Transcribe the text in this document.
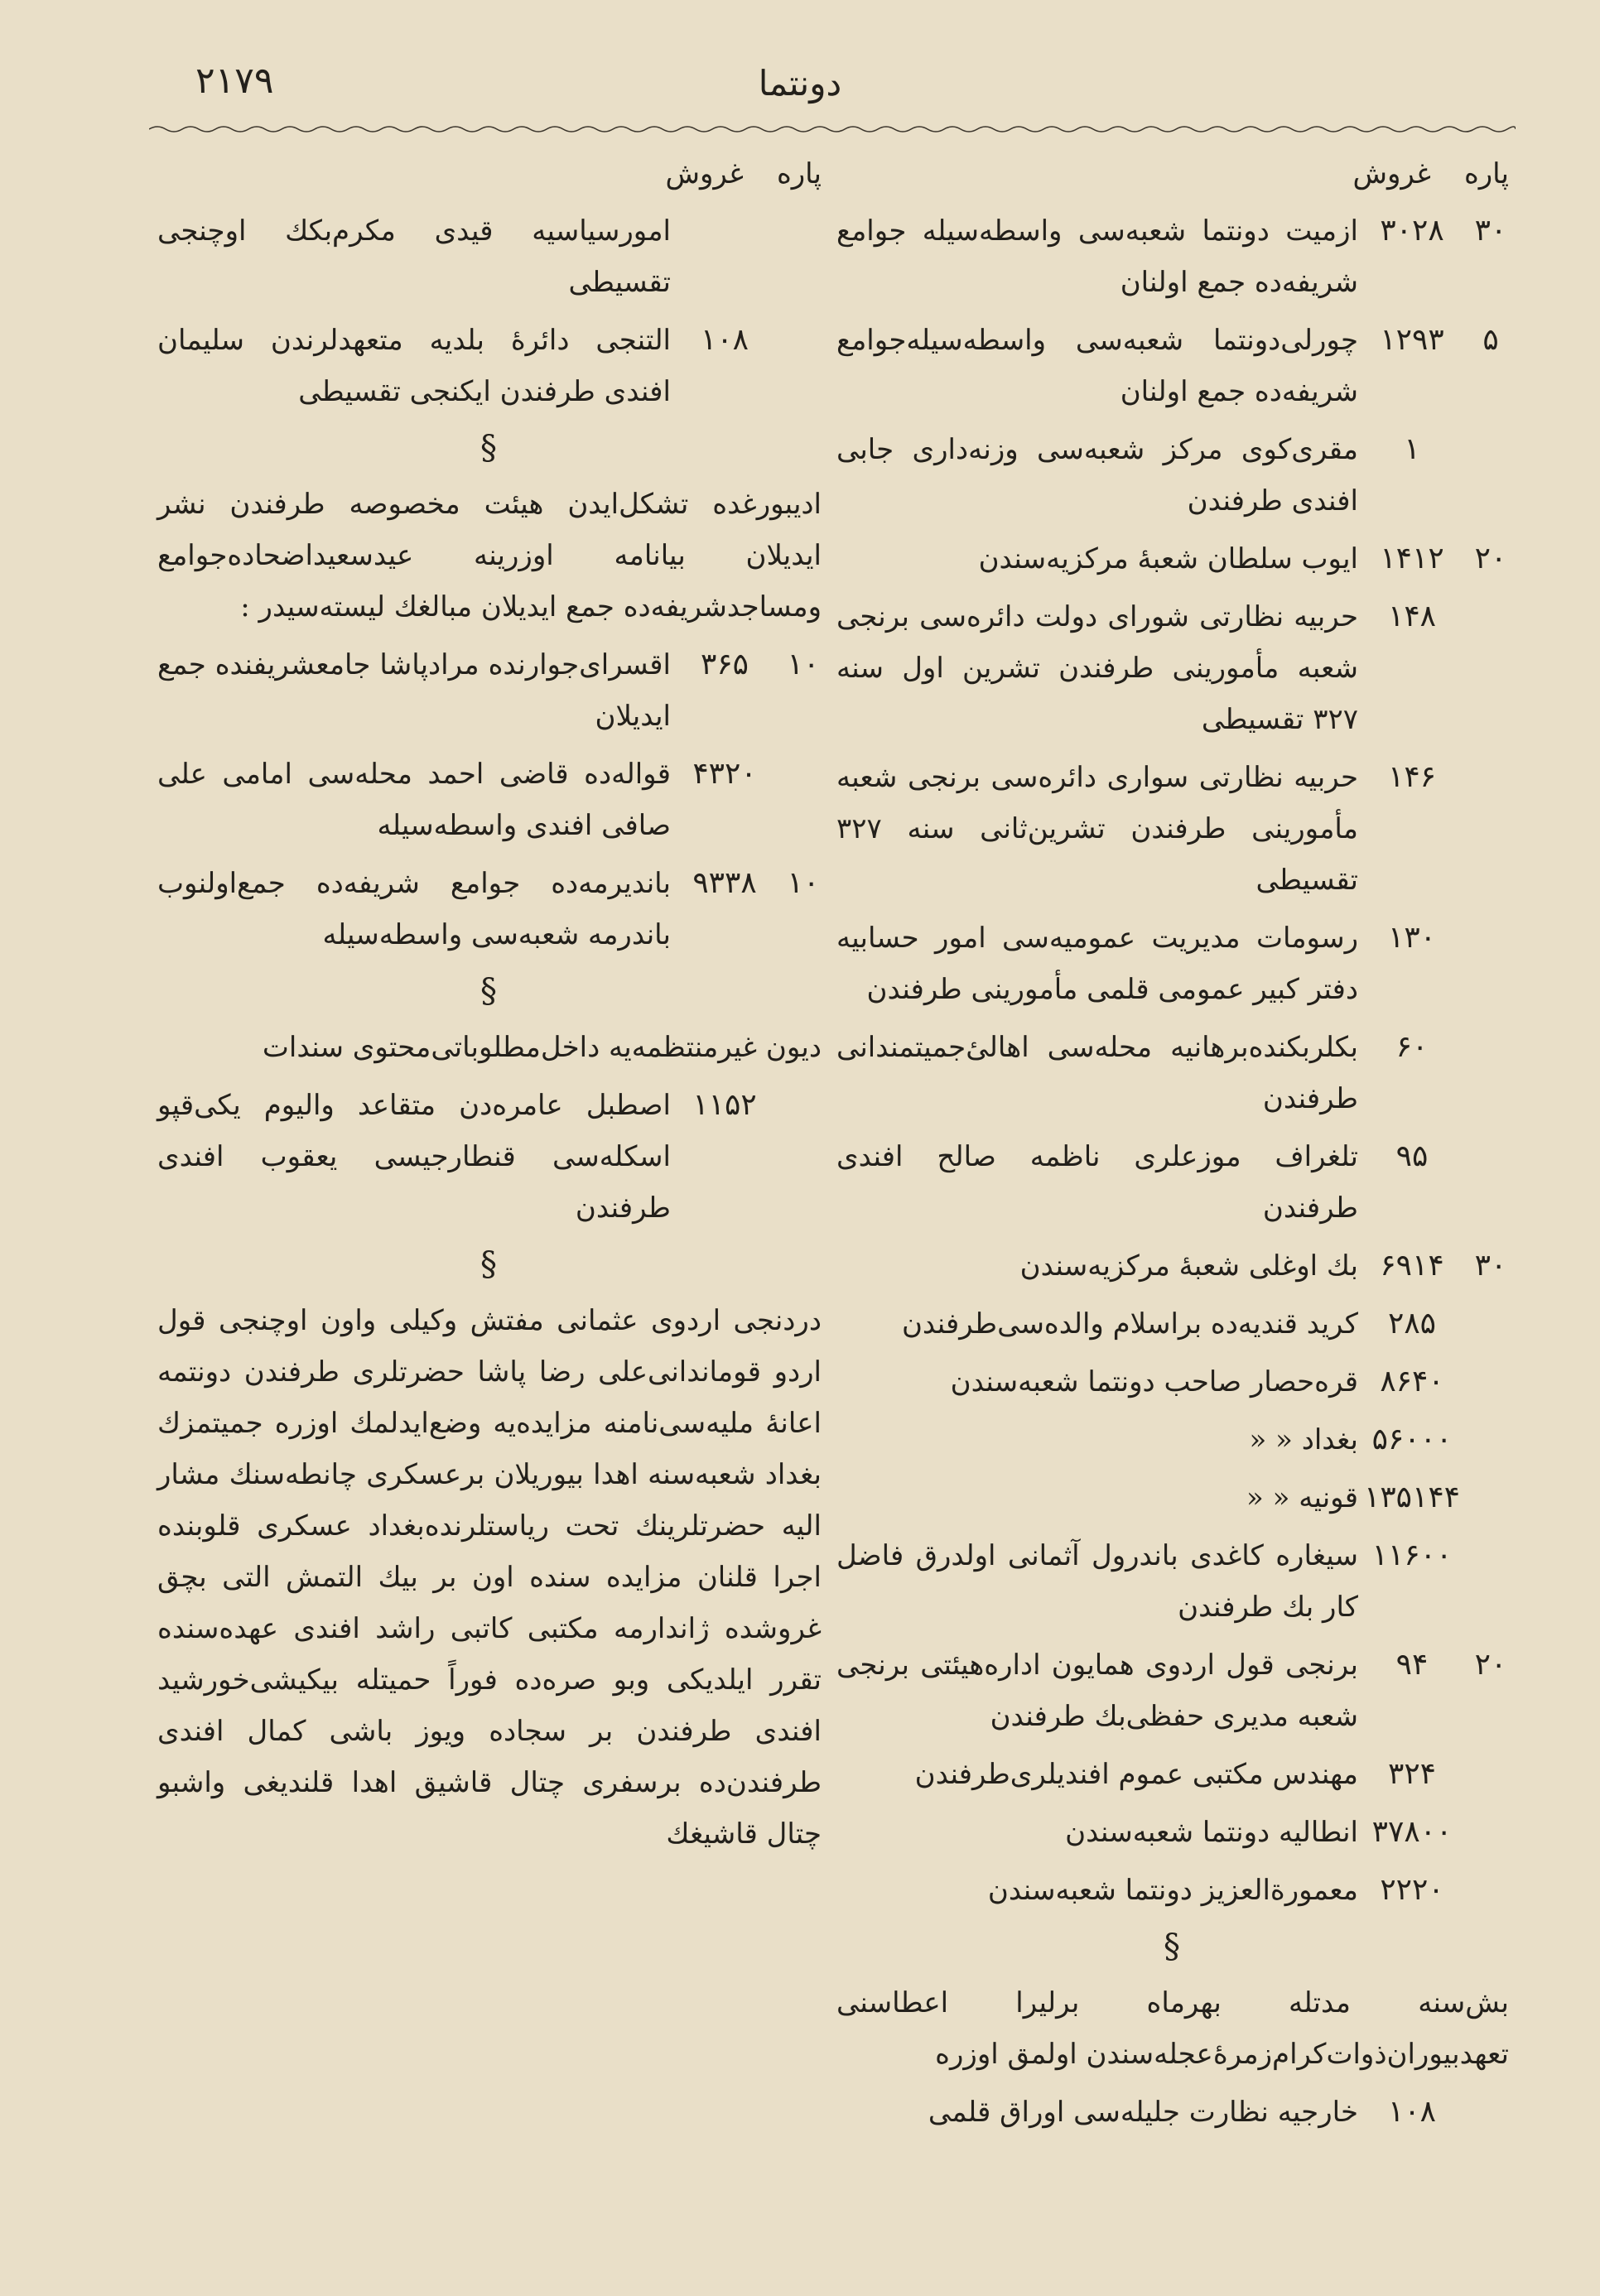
۲۱۷۹	دونتما
پاره
غروش
۳۰
۳۰۲۸
ازمیت دونتما شعبه‌سی واسطه‌سیله جوامع شریفه‌ده جمع اولنان
۵
۱۲۹۳
چورلی‌دونتما شعبه‌سی واسطه‌سیله‌جوامع شریفه‌ده جمع اولنان
۱
مقری‌کوی مرکز شعبه‌سی وزنه‌داری جابی افندی طرفندن
۲۰
۱۴۱۲
ایوب سلطان شعبهٔ مرکزیه‌سندن
۱۴۸
حربیه نظارتی شورای دولت دائره‌سی برنجی شعبه مأمورینی طرفندن تشرین اول سنه ۳۲۷ تقسیطی
۱۴۶
حربیه نظارتی سواری دائره‌سی برنجی شعبه مأمورینی طرفندن تشرین‌ثانی سنه ۳۲۷ تقسیطی
۱۳۰
رسومات مدیریت عمومیه‌سی امور حسابیه دفتر کبیر عمومی قلمی مأمورینی طرفندن
۶۰
بکلربکنده‌برهانیه محله‌سی اهالیٔ‌جمیتمندانی طرفندن
۹۵
تلغراف موزعلری ناظمه صالح افندی طرفندن
۳۰
۶۹۱۴
بك اوغلی شعبهٔ مرکزیه‌سندن
۲۸۵
کرید قندیه‌ده براسلام والده‌سی‌طرفندن
۸۶۴۰
قره‌حصار صاحب دونتما شعبه‌سندن
۵۶۰۰۰
بغداد « «
۱۳۵۱۴۴
قونیه « «
۱۱۶۰۰
سیغاره کاغدی باندرول آثمانی اولدرق فاضل کار بك طرفندن
۲۰
۹۴
برنجی قول اردوی همایون اداره‌هیئتی برنجی شعبه مدیری حفظی‌بك طرفندن
۳۲۴
مهندس مکتبی عموم افندیلری‌طرفندن
۳۷۸۰۰
انطالیه دونتما شعبه‌سندن
۲۲۲۰
معمورة‌العزیز دونتما شعبه‌سندن
§
بش‌سنه مدتله بهرماه برلیرا اعطاسنی تعهدبیوران‌ذوات‌کرام‌زمرهٔ‌عجله‌سندن اولمق اوزره
۱۰۸
خارجیه نظارت جلیله‌سی اوراق قلمی
پاره
غروش
امورسیاسیه قیدی مکرم‌بكك اوچنجی تقسیطی
۱۰۸
التنجی دائرهٔ بلدیه متعهدلرندن سلیمان افندی طرفندن ایکنجی تقسیطی
§
ادیبورغده تشکل‌ایدن هیئت مخصوصه طرفندن نشر ایدیلان بیانامه اوزرینه عیدسعیداضحاده‌جوامع ومساجدشریفه‌ده جمع ایدیلان مبالغك لیسته‌سیدر :
۱۰
۳۶۵
اقسرای‌جوارنده مرادپاشا جامعشریفنده جمع ایدیلان
۴۳۲۰
قواله‌ده قاضی احمد محله‌سی امامی علی صافی افندی واسطه‌سیله
۱۰
۹۳۳۸
باندیرمه‌ده جوامع شریفه‌ده جمع‌اولنوب باندرمه شعبه‌سی واسطه‌سیله
§
دیون غیرمنتظمه‌یه داخل‌مطلوباتی‌محتوی سندات
۱۱۵۲
اصطبل عامره‌دن متقاعد والیوم یکی‌قپو اسکله‌سی قنطارجیسی یعقوب افندی طرفندن
§
دردنجی اردوی عثمانی مفتش وکیلی واون اوچنجی قول اردو قوماندانی‌علی رضا پاشا حضرتلری طرفندن دونتمه اعانهٔ ملیه‌سی‌نامنه مزایده‌یه وضع‌ایدلمك اوزره جمیتمزك بغداد شعبه‌سنه اهدا بیوریلان برعسکری چانطه‌سنك مشار الیه حضرتلرینك تحت ریاستلرنده‌بغداد عسکری قلوبنده اجرا قلنان مزایده سنده اون بر بیك التمش التی بچق غروشده ژاندارمه مکتبی کاتبی راشد افندی عهده‌سنده تقرر ایلدیکی وبو صره‌ده فوراً حمیتله بیکیشی‌خورشید افندی طرفندن بر سجاده ویوز باشی کمال افندی طرفندن‌ده برسفری چتال قاشیق اهدا قلندیغی واشبو چتال قاشیغك
